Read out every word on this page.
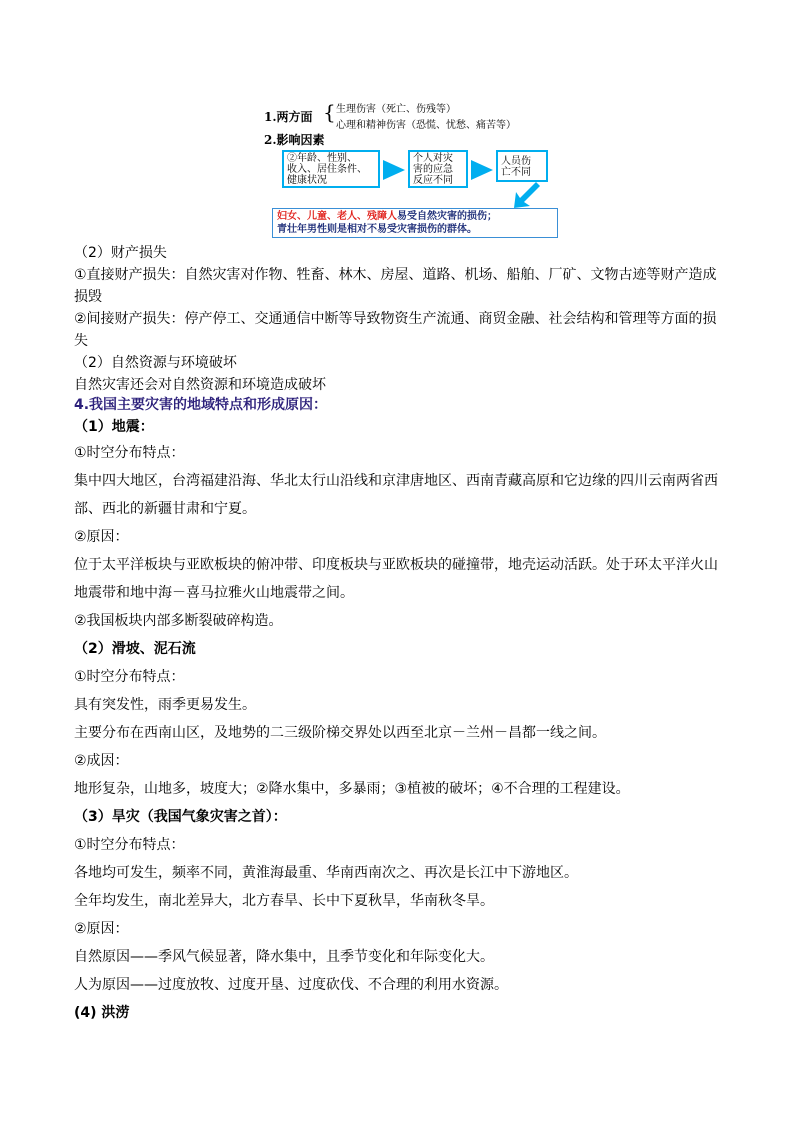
1.两方面 { 生理伤害（死亡、伤残等）
心理和精神伤害（恐慌、忧愁、痛苦等）
2.影响因素
②年龄、性别、
收入、居住条件、
健康状况
个人对灾
害的应急
反应不同
人员伤
亡不同
妇女、儿童、老人、残障人易受自然灾害的损伤；
青壮年男性则是相对不易受灾害损伤的群体。
（2）财产损失
①直接财产损失：自然灾害对作物、牲畜、林木、房屋、道路、机场、船舶、厂矿、文物古迹等财产造成
损毁
②间接财产损失：停产停工、交通通信中断等导致物资生产流通、商贸金融、社会结构和管理等方面的损
失
（2）自然资源与环境破坏
自然灾害还会对自然资源和环境造成破坏
4.我国主要灾害的地域特点和形成原因：
（1）地震：
①时空分布特点：
集中四大地区，台湾福建沿海、华北太行山沿线和京津唐地区、西南青藏高原和它边缘的四川云南两省西
部、西北的新疆甘肃和宁夏。
②原因：
位于太平洋板块与亚欧板块的俯冲带、印度板块与亚欧板块的碰撞带，地壳运动活跃。处于环太平洋火山
地震带和地中海－喜马拉雅火山地震带之间。
②我国板块内部多断裂破碎构造。
（2）滑坡、泥石流
①时空分布特点：
具有突发性，雨季更易发生。
主要分布在西南山区，及地势的二三级阶梯交界处以西至北京－兰州－昌都一线之间。
②成因：
地形复杂，山地多，坡度大；②降水集中，多暴雨；③植被的破坏；④不合理的工程建设。
（3）旱灾（我国气象灾害之首）：
①时空分布特点：
各地均可发生，频率不同，黄淮海最重、华南西南次之、再次是长江中下游地区。
全年均发生，南北差异大，北方春旱、长中下夏秋旱，华南秋冬旱。
②原因：
自然原因——季风气候显著，降水集中，且季节变化和年际变化大。
人为原因——过度放牧、过度开垦、过度砍伐、不合理的利用水资源。
(4) 洪涝
